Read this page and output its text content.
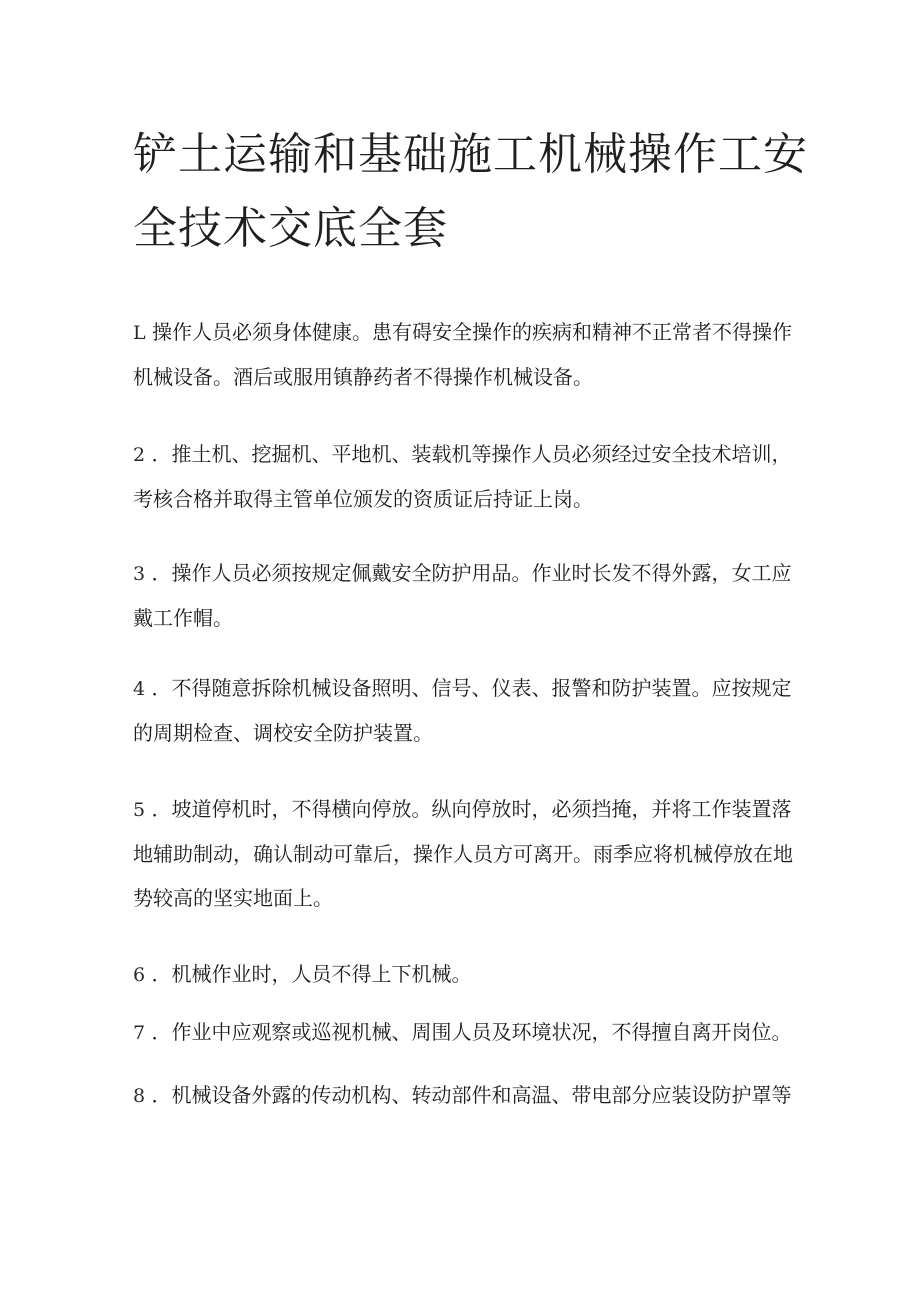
铲土运输和基础施工机械操作工安全技术交底全套
L 操作人员必须身体健康。患有碍安全操作的疾病和精神不正常者不得操作机械设备。酒后或服用镇静药者不得操作机械设备。
2 ．推土机、挖掘机、平地机、装载机等操作人员必须经过安全技术培训，考核合格并取得主管单位颁发的资质证后持证上岗。
3 ．操作人员必须按规定佩戴安全防护用品。作业时长发不得外露，女工应戴工作帽。
4 ．不得随意拆除机械设备照明、信号、仪表、报警和防护装置。应按规定的周期检查、调校安全防护装置。
5 ．坡道停机时，不得横向停放。纵向停放时，必须挡掩，并将工作装置落地辅助制动，确认制动可靠后，操作人员方可离开。雨季应将机械停放在地势较高的坚实地面上。
6 ．机械作业时，人员不得上下机械。
7 ．作业中应观察或巡视机械、周围人员及环境状况，不得擅自离开岗位。
8 ．机械设备外露的传动机构、转动部件和高温、带电部分应装设防护罩等
